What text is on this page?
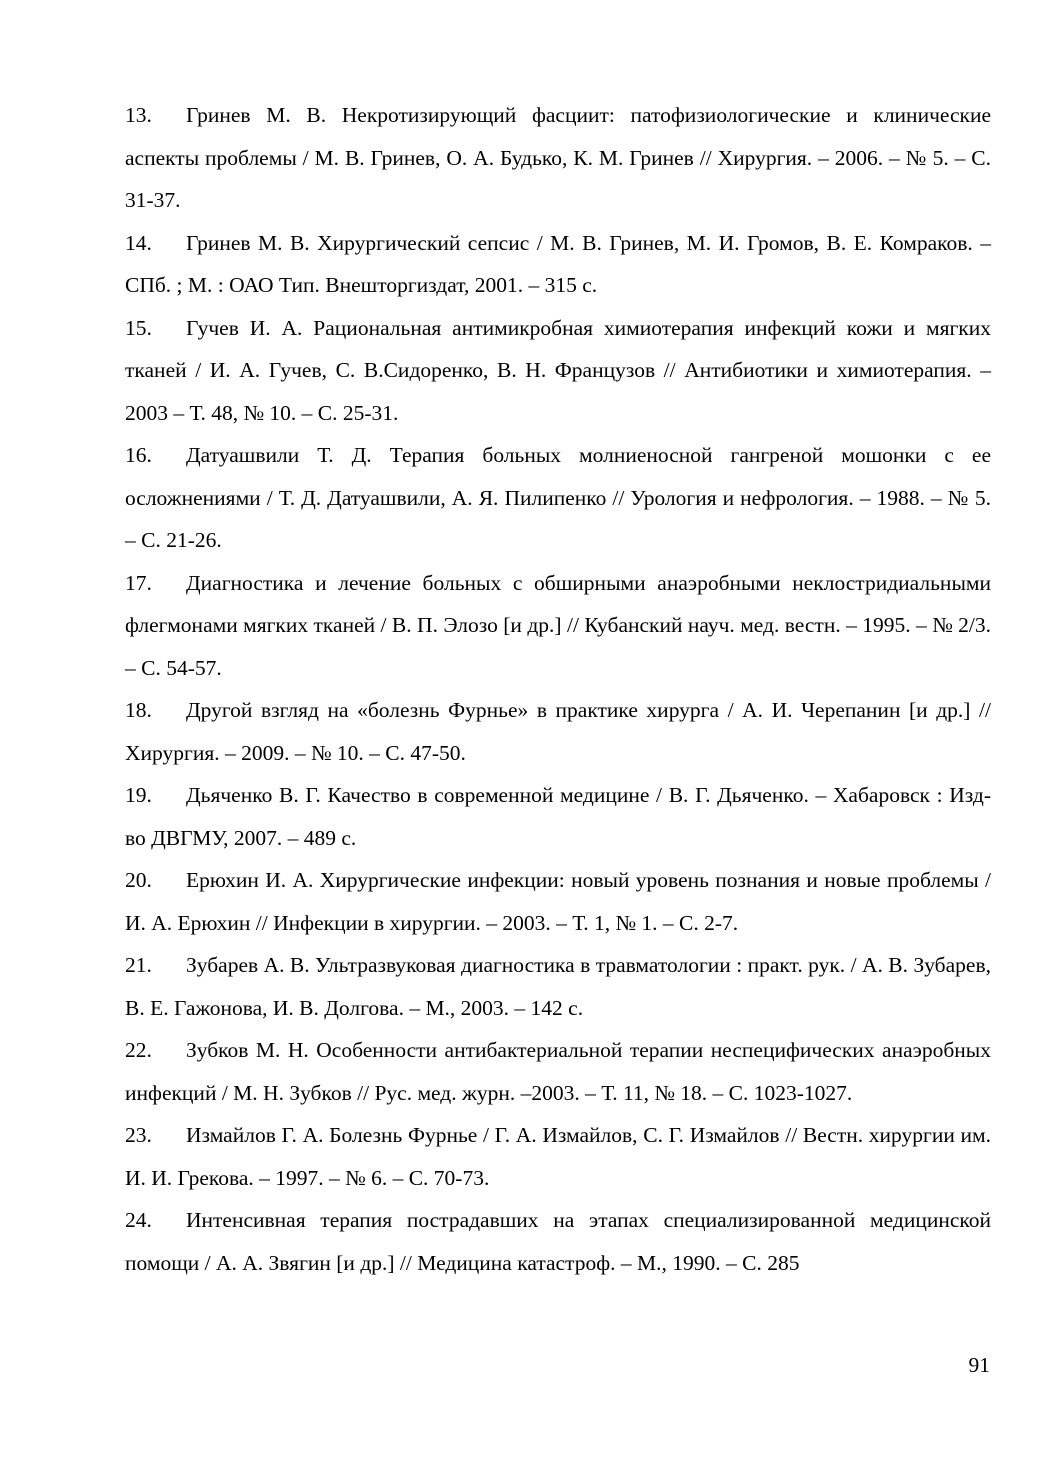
13. Гринев М. В. Некротизирующий фасциит: патофизиологические и клинические аспекты проблемы / М. В. Гринев, О. А. Будько, К. М. Гринев // Хирургия. – 2006. – № 5. – С. 31-37.
14. Гринев М. В. Хирургический сепсис / М. В. Гринев, М. И. Громов, В. Е. Комраков. – СПб. ; М. : ОАО Тип. Внешторгиздат, 2001. – 315 с.
15. Гучев И. А. Рациональная антимикробная химиотерапия инфекций кожи и мягких тканей / И. А. Гучев, С. В.Сидоренко, В. Н. Французов // Антибиотики и химиотерапия. – 2003 – Т. 48, № 10. – С. 25-31.
16. Датуашвили Т. Д. Терапия больных молниеносной гангреной мошонки с ее осложнениями / Т. Д. Датуашвили, А. Я. Пилипенко // Урология и нефрология. – 1988. – № 5. – С. 21-26.
17. Диагностика и лечение больных с обширными анаэробными неклостридиальными флегмонами мягких тканей / В. П. Элозо [и др.] // Кубанский науч. мед. вестн. – 1995. – № 2/3. – С. 54-57.
18. Другой взгляд на «болезнь Фурнье» в практике хирурга / А. И. Черепанин [и др.] // Хирургия. – 2009. – № 10. – С. 47-50.
19. Дьяченко В. Г. Качество в современной медицине / В. Г. Дьяченко. – Хабаровск : Изд-во ДВГМУ, 2007. – 489 с.
20. Ерюхин И. А. Хирургические инфекции: новый уровень познания и новые проблемы / И. А. Ерюхин // Инфекции в хирургии. – 2003. – Т. 1, № 1. – С. 2-7.
21. Зубарев А. В. Ультразвуковая диагностика в травматологии : практ. рук. / А. В. Зубарев, В. Е. Гажонова, И. В. Долгова. – М., 2003. – 142 с.
22. Зубков М. Н. Особенности антибактериальной терапии неспецифических анаэробных инфекций / М. Н. Зубков // Рус. мед. журн. –2003. – Т. 11, № 18. – С. 1023-1027.
23. Измайлов Г. А. Болезнь Фурнье / Г. А. Измайлов, С. Г. Измайлов // Вестн. хирургии им. И. И. Грекова. – 1997. – № 6. – С. 70-73.
24. Интенсивная терапия пострадавших на этапах специализированной медицинской помощи / А. А. Звягин [и др.] // Медицина катастроф. – М., 1990. – С. 285
91
